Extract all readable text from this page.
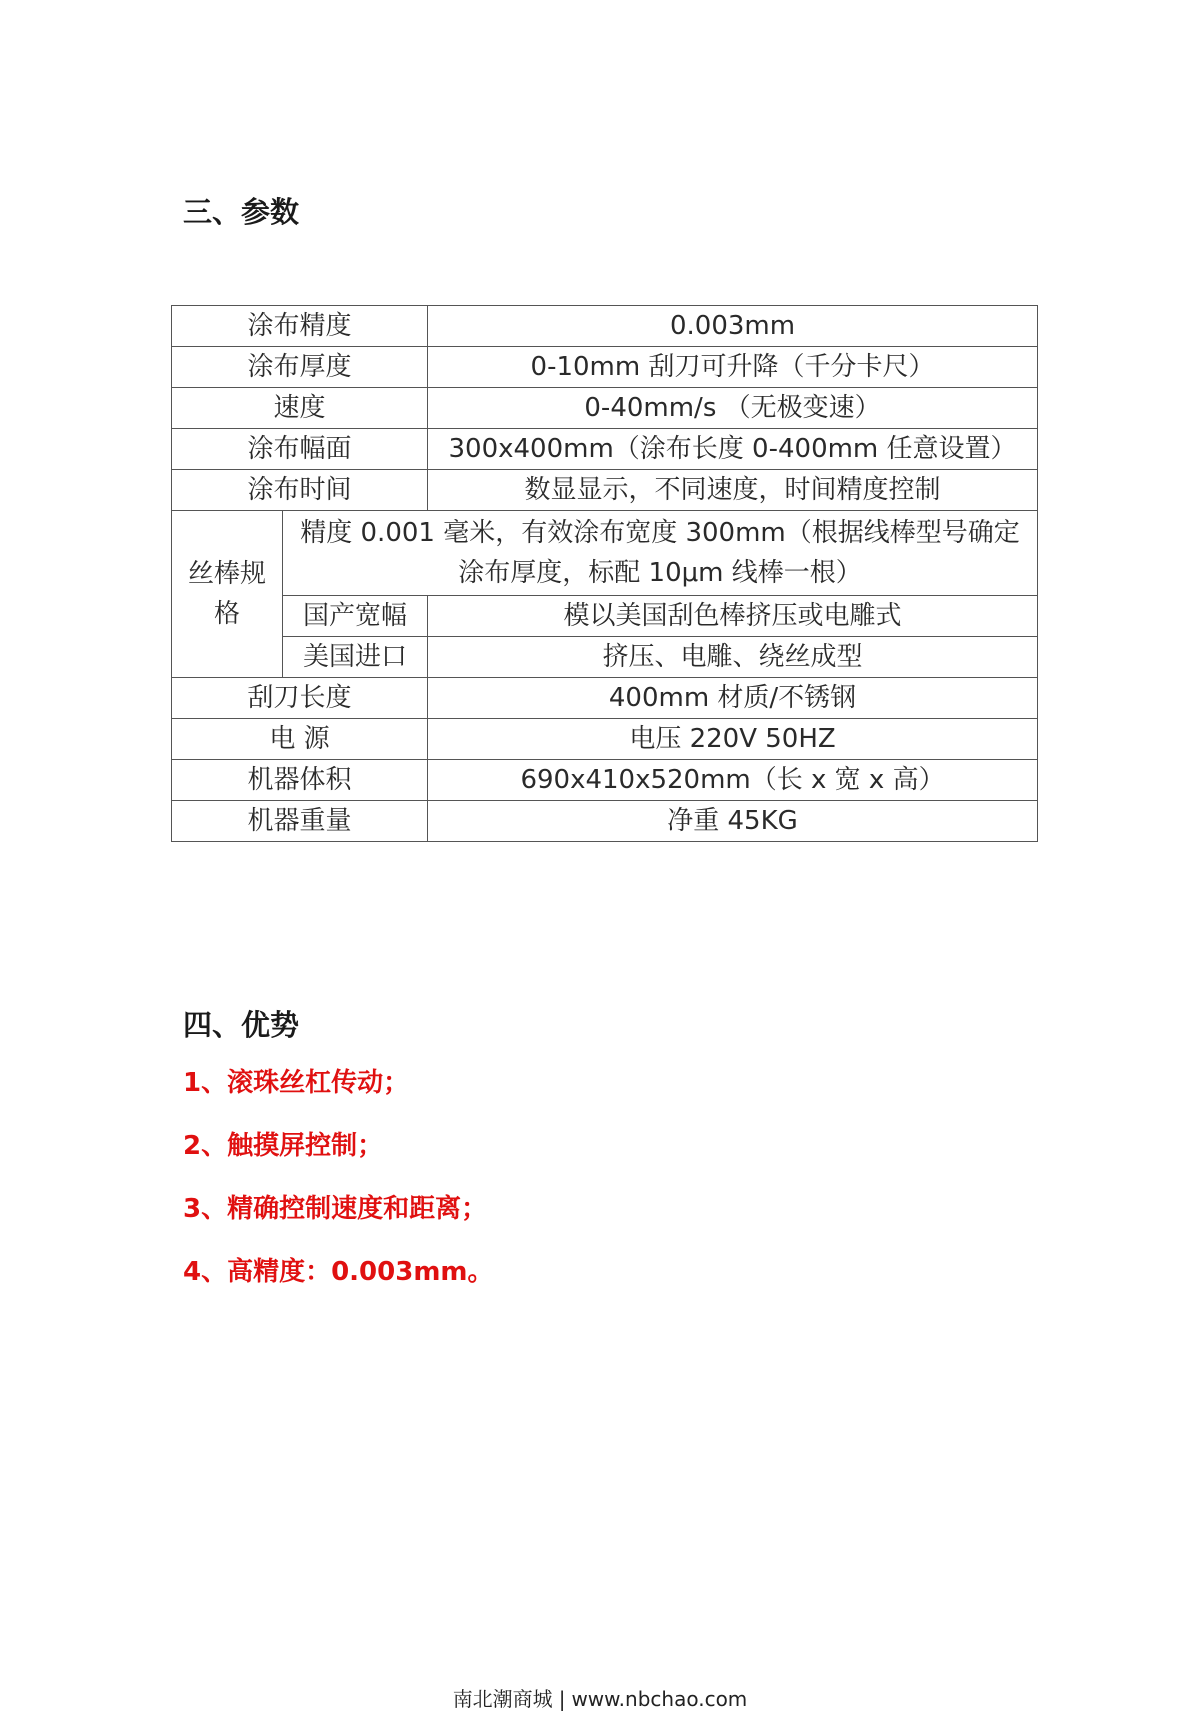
三、参数
涂布精度		0.003mm
涂布厚度		0-10mm 刮刀可升降（千分卡尺）
速度		0-40mm/s （无极变速）
涂布幅面		300x400mm（涂布长度 0-400mm 任意设置）
涂布时间		数显显示，不同速度，时间精度控制
丝棒规格	精度 0.001 毫米，有效涂布宽度 300mm（根据线棒型号确定涂布厚度，标配 10μm 线棒一根）	
	国产宽幅	模以美国刮色棒挤压或电雕式
	美国进口	挤压、电雕、绕丝成型
刮刀长度		400mm 材质/不锈钢
电 源		电压 220V 50HZ
机器体积		690x410x520mm（长 x 宽 x 高）
机器重量		净重 45KG
四、优势
1、滚珠丝杠传动；
2、触摸屏控制；
3、精确控制速度和距离；
4、高精度：0.003mm。
南北潮商城 | www.nbchao.com
